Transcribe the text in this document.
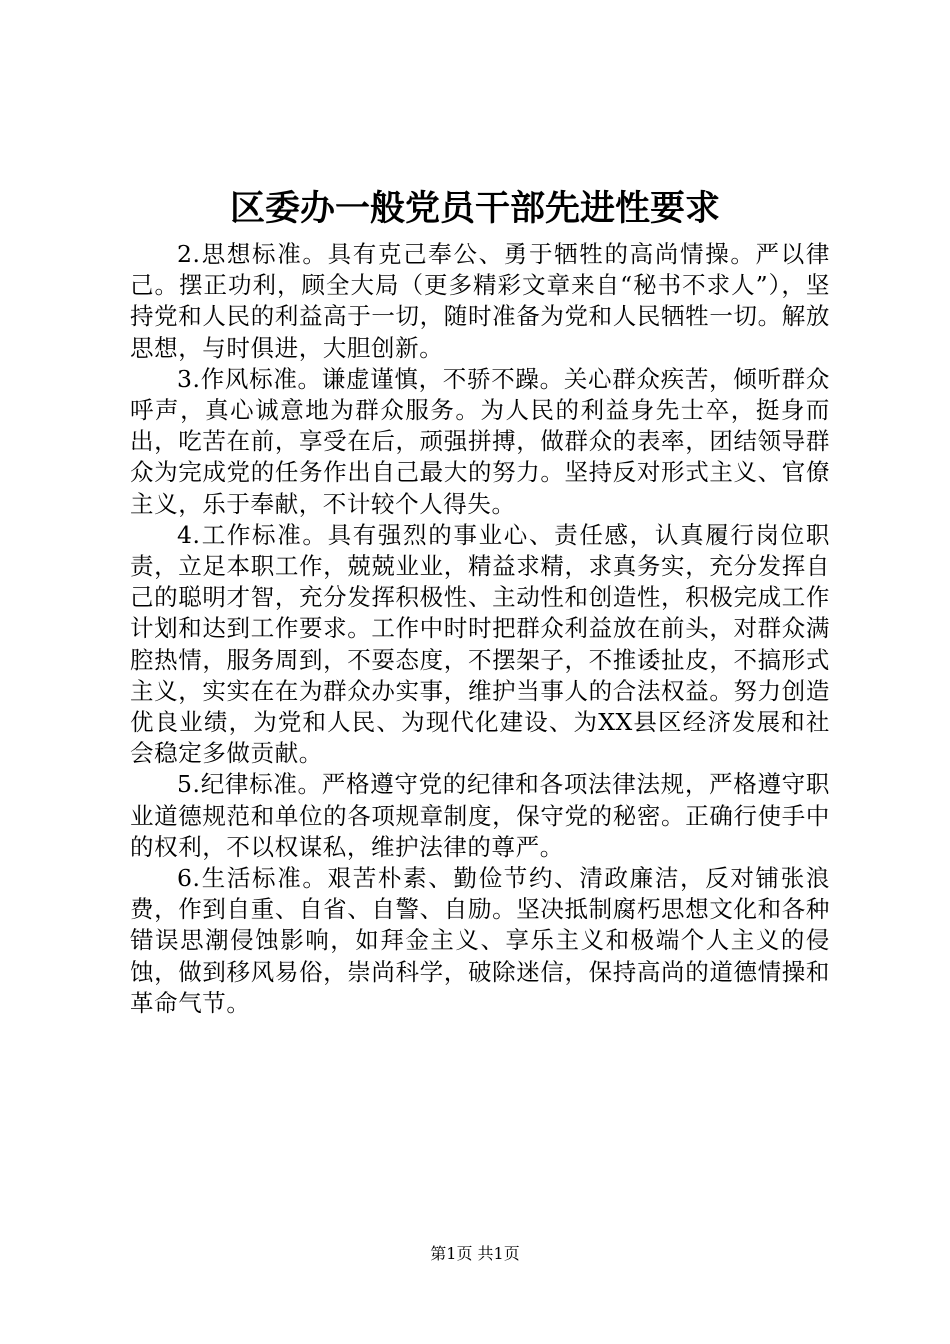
区委办一般党员干部先进性要求

2.思想标准。具有克己奉公、勇于牺牲的高尚情操。严以律己。摆正功利，顾全大局（更多精彩文章来自“秘书不求人”），坚持党和人民的利益高于一切，随时准备为党和人民牺牲一切。解放思想，与时俱进，大胆创新。

3.作风标准。谦虚谨慎，不骄不躁。关心群众疾苦，倾听群众呼声，真心诚意地为群众服务。为人民的利益身先士卒，挺身而出，吃苦在前，享受在后，顽强拼搏，做群众的表率，团结领导群众为完成党的任务作出自己最大的努力。坚持反对形式主义、官僚主义，乐于奉献，不计较个人得失。

4.工作标准。具有强烈的事业心、责任感，认真履行岗位职责，立足本职工作，兢兢业业，精益求精，求真务实，充分发挥自己的聪明才智，充分发挥积极性、主动性和创造性，积极完成工作计划和达到工作要求。工作中时时把群众利益放在前头，对群众满腔热情，服务周到，不耍态度，不摆架子，不推诿扯皮，不搞形式主义，实实在在为群众办实事，维护当事人的合法权益。努力创造优良业绩，为党和人民、为现代化建设、为XX县区经济发展和社会稳定多做贡献。

5.纪律标准。严格遵守党的纪律和各项法律法规，严格遵守职业道德规范和单位的各项规章制度，保守党的秘密。正确行使手中的权利，不以权谋私，维护法律的尊严。

6.生活标准。艰苦朴素、勤俭节约、清政廉洁，反对铺张浪费，作到自重、自省、自警、自励。坚决抵制腐朽思想文化和各种错误思潮侵蚀影响，如拜金主义、享乐主义和极端个人主义的侵蚀，做到移风易俗，崇尚科学，破除迷信，保持高尚的道德情操和革命气节。

第1页 共1页
